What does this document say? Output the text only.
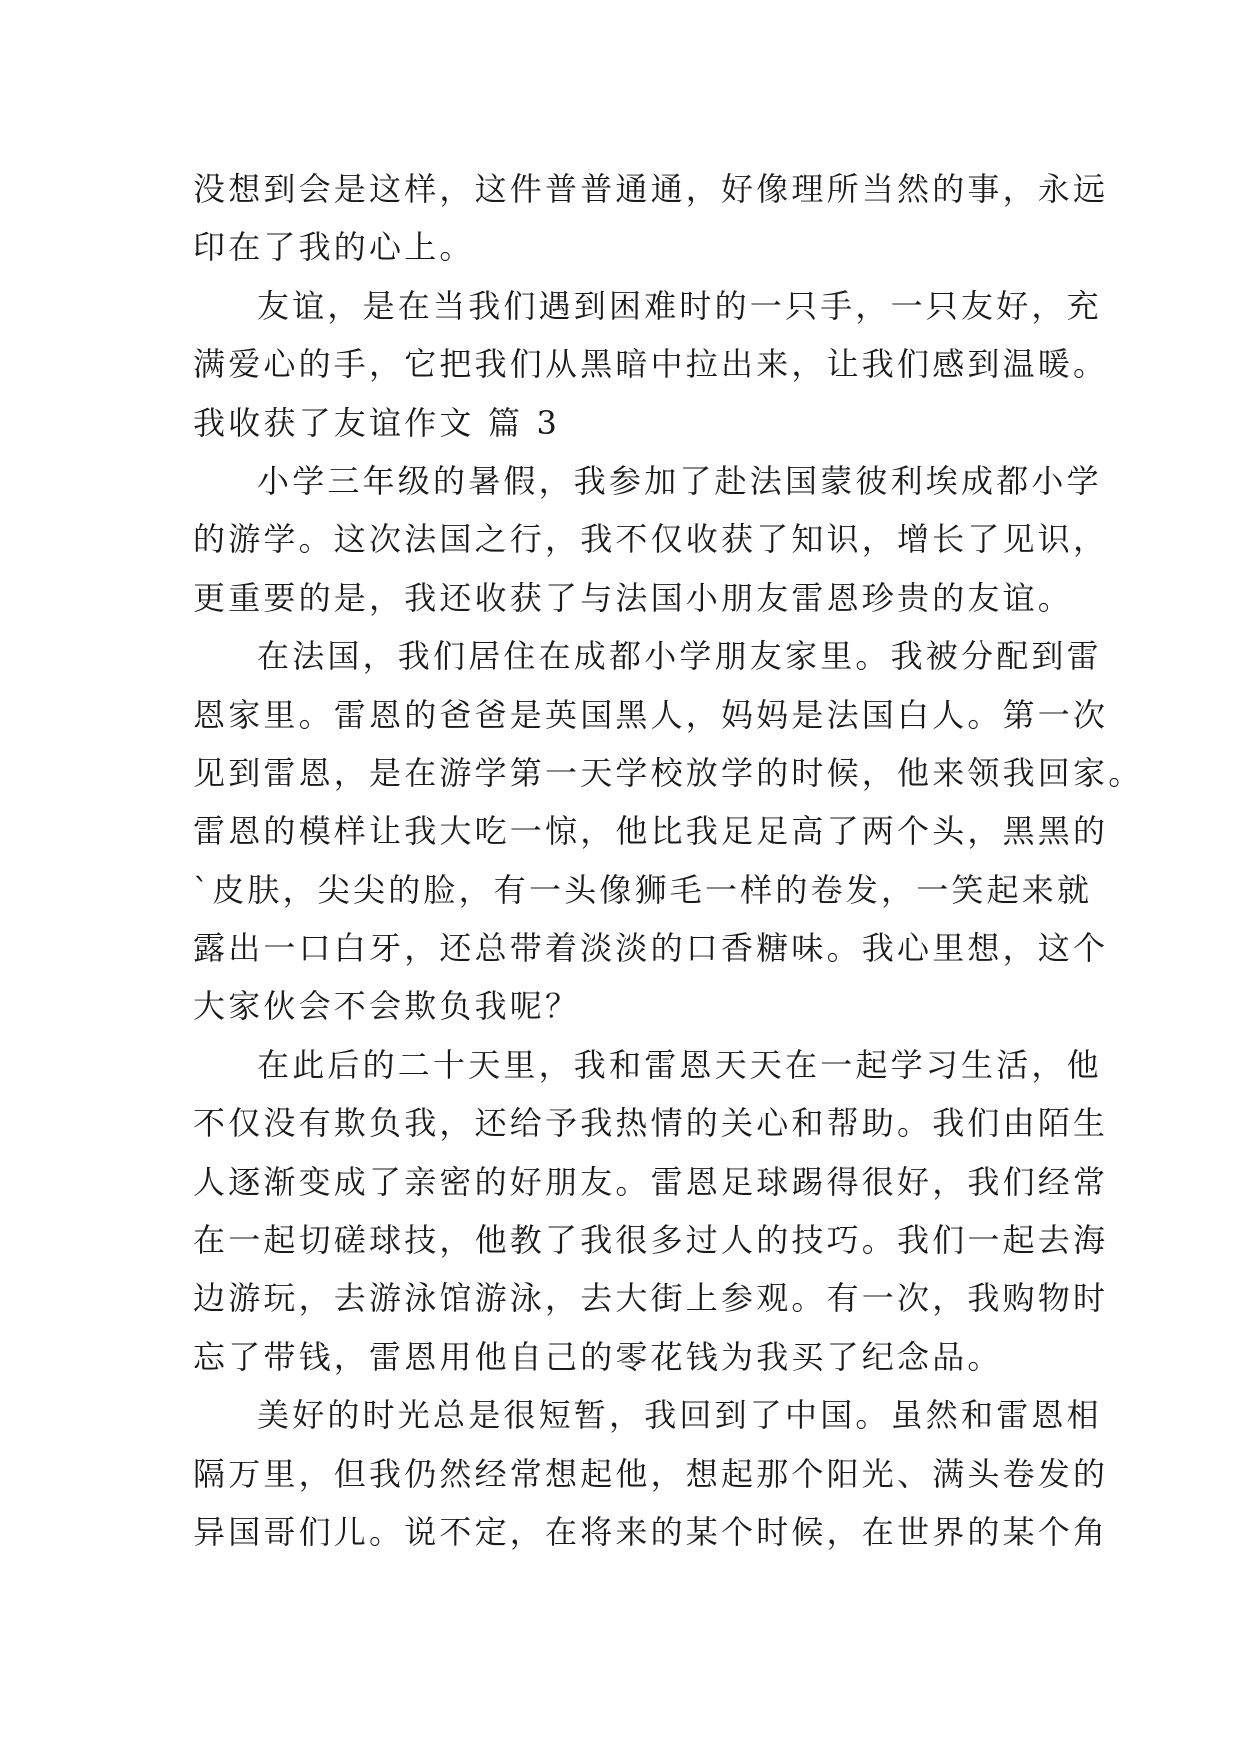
没想到会是这样，这件普普通通，好像理所当然的事，永远
印在了我的心上。
友谊，是在当我们遇到困难时的一只手，一只友好，充
满爱心的手，它把我们从黑暗中拉出来，让我们感到温暖。
我收获了友谊作文 篇 3
小学三年级的暑假，我参加了赴法国蒙彼利埃成都小学
的游学。这次法国之行，我不仅收获了知识，增长了见识，
更重要的是，我还收获了与法国小朋友雷恩珍贵的友谊。
在法国，我们居住在成都小学朋友家里。我被分配到雷
恩家里。雷恩的爸爸是英国黑人，妈妈是法国白人。第一次
见到雷恩，是在游学第一天学校放学的时候，他来领我回家。
雷恩的模样让我大吃一惊，他比我足足高了两个头，黑黑的
`皮肤，尖尖的脸，有一头像狮毛一样的卷发，一笑起来就
露出一口白牙，还总带着淡淡的口香糖味。我心里想，这个
大家伙会不会欺负我呢？
在此后的二十天里，我和雷恩天天在一起学习生活，他
不仅没有欺负我，还给予我热情的关心和帮助。我们由陌生
人逐渐变成了亲密的好朋友。雷恩足球踢得很好，我们经常
在一起切磋球技，他教了我很多过人的技巧。我们一起去海
边游玩，去游泳馆游泳，去大街上参观。有一次，我购物时
忘了带钱，雷恩用他自己的零花钱为我买了纪念品。
美好的时光总是很短暂，我回到了中国。虽然和雷恩相
隔万里，但我仍然经常想起他，想起那个阳光、满头卷发的
异国哥们儿。说不定，在将来的某个时候，在世界的某个角
